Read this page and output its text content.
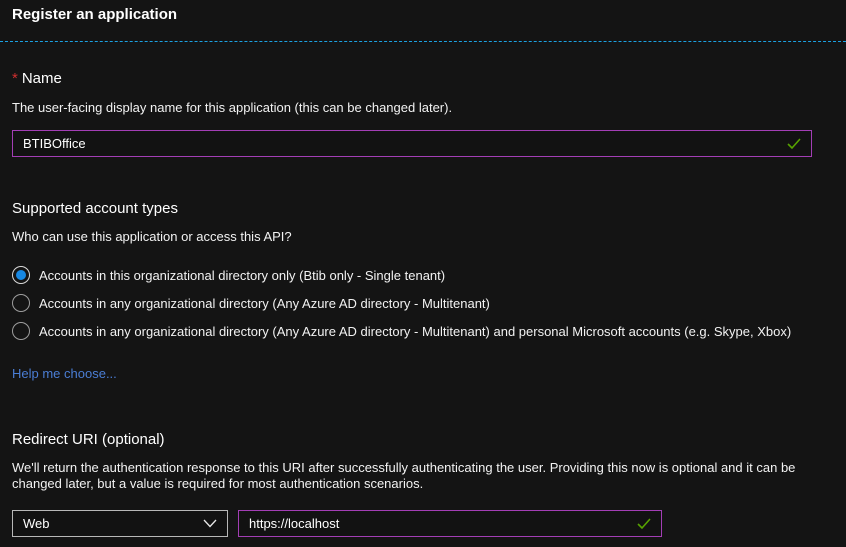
Register an application
* Name
The user-facing display name for this application (this can be changed later).
BTIBOffice
Supported account types
Who can use this application or access this API?
Accounts in this organizational directory only (Btib only - Single tenant)
Accounts in any organizational directory (Any Azure AD directory - Multitenant)
Accounts in any organizational directory (Any Azure AD directory - Multitenant) and personal Microsoft accounts (e.g. Skype, Xbox)
Help me choose...
Redirect URI (optional)
We'll return the authentication response to this URI after successfully authenticating the user. Providing this now is optional and it can be changed later, but a value is required for most authentication scenarios.
Web	https://localhost
